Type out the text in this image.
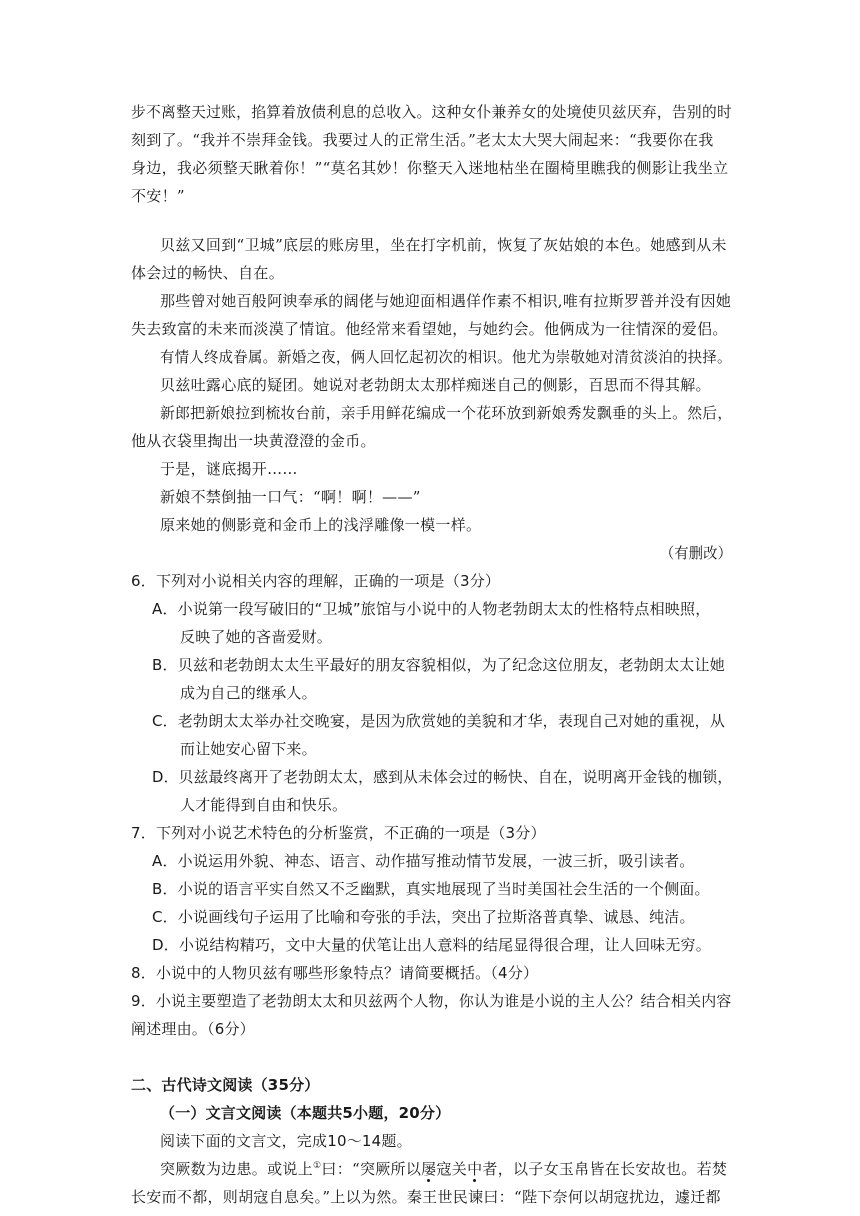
步不离整天过账，掐算着放债利息的总收入。这种女仆兼养女的处境使贝兹厌弃，告别的时
刻到了。“我并不崇拜金钱。我要过人的正常生活。”老太太大哭大闹起来：“我要你在我
身边，我必须整天瞅着你！”“莫名其妙！你整天入迷地枯坐在圈椅里瞧我的侧影让我坐立
不安！”
贝兹又回到“卫城”底层的账房里，坐在打字机前，恢复了灰姑娘的本色。她感到从未
体会过的畅快、自在。
那些曾对她百般阿谀奉承的阔佬与她迎面相遇佯作素不相识,唯有拉斯罗普并没有因她
失去致富的未来而淡漠了情谊。他经常来看望她，与她约会。他俩成为一往情深的爱侣。
有情人终成眷属。新婚之夜，俩人回忆起初次的相识。他尤为崇敬她对清贫淡泊的抉择。
贝兹吐露心底的疑团。她说对老勃朗太太那样痴迷自己的侧影，百思而不得其解。
新郎把新娘拉到梳妆台前，亲手用鲜花编成一个花环放到新娘秀发飘垂的头上。然后，
他从衣袋里掏出一块黄澄澄的金币。
于是，谜底揭开……
新娘不禁倒抽一口气：“啊！啊！——”
原来她的侧影竟和金币上的浅浮雕像一模一样。
（有删改）
6．下列对小说相关内容的理解，正确的一项是（3分）
A．小说第一段写破旧的“卫城”旅馆与小说中的人物老勃朗太太的性格特点相映照，
反映了她的吝啬爱财。
B．贝兹和老勃朗太太生平最好的朋友容貌相似，为了纪念这位朋友，老勃朗太太让她
成为自己的继承人。
C．老勃朗太太举办社交晚宴，是因为欣赏她的美貌和才华，表现自己对她的重视，从
而让她安心留下来。
D．贝兹最终离开了老勃朗太太，感到从未体会过的畅快、自在，说明离开金钱的枷锁，
人才能得到自由和快乐。
7．下列对小说艺术特色的分析鉴赏，不正确的一项是（3分）
A．小说运用外貌、神态、语言、动作描写推动情节发展，一波三折，吸引读者。
B．小说的语言平实自然又不乏幽默，真实地展现了当时美国社会生活的一个侧面。
C．小说画线句子运用了比喻和夸张的手法，突出了拉斯洛普真挚、诚恳、纯洁。
D．小说结构精巧，文中大量的伏笔让出人意料的结尾显得很合理，让人回味无穷。
8．小说中的人物贝兹有哪些形象特点？请简要概括。（4分）
9．小说主要塑造了老勃朗太太和贝兹两个人物，你认为谁是小说的主人公？结合相关内容
阐述理由。（6分）
二、古代诗文阅读（35分）
（一）文言文阅读（本题共5小题，20分）
阅读下面的文言文，完成10～14题。
突厥数为边患。或说上①曰：“突厥所以屡寇关中者，以子女玉帛皆在长安故也。若焚
长安而不都，则胡寇自息矣。”上以为然。秦王世民谏曰：“陛下奈何以胡寇扰边，遽迁都
